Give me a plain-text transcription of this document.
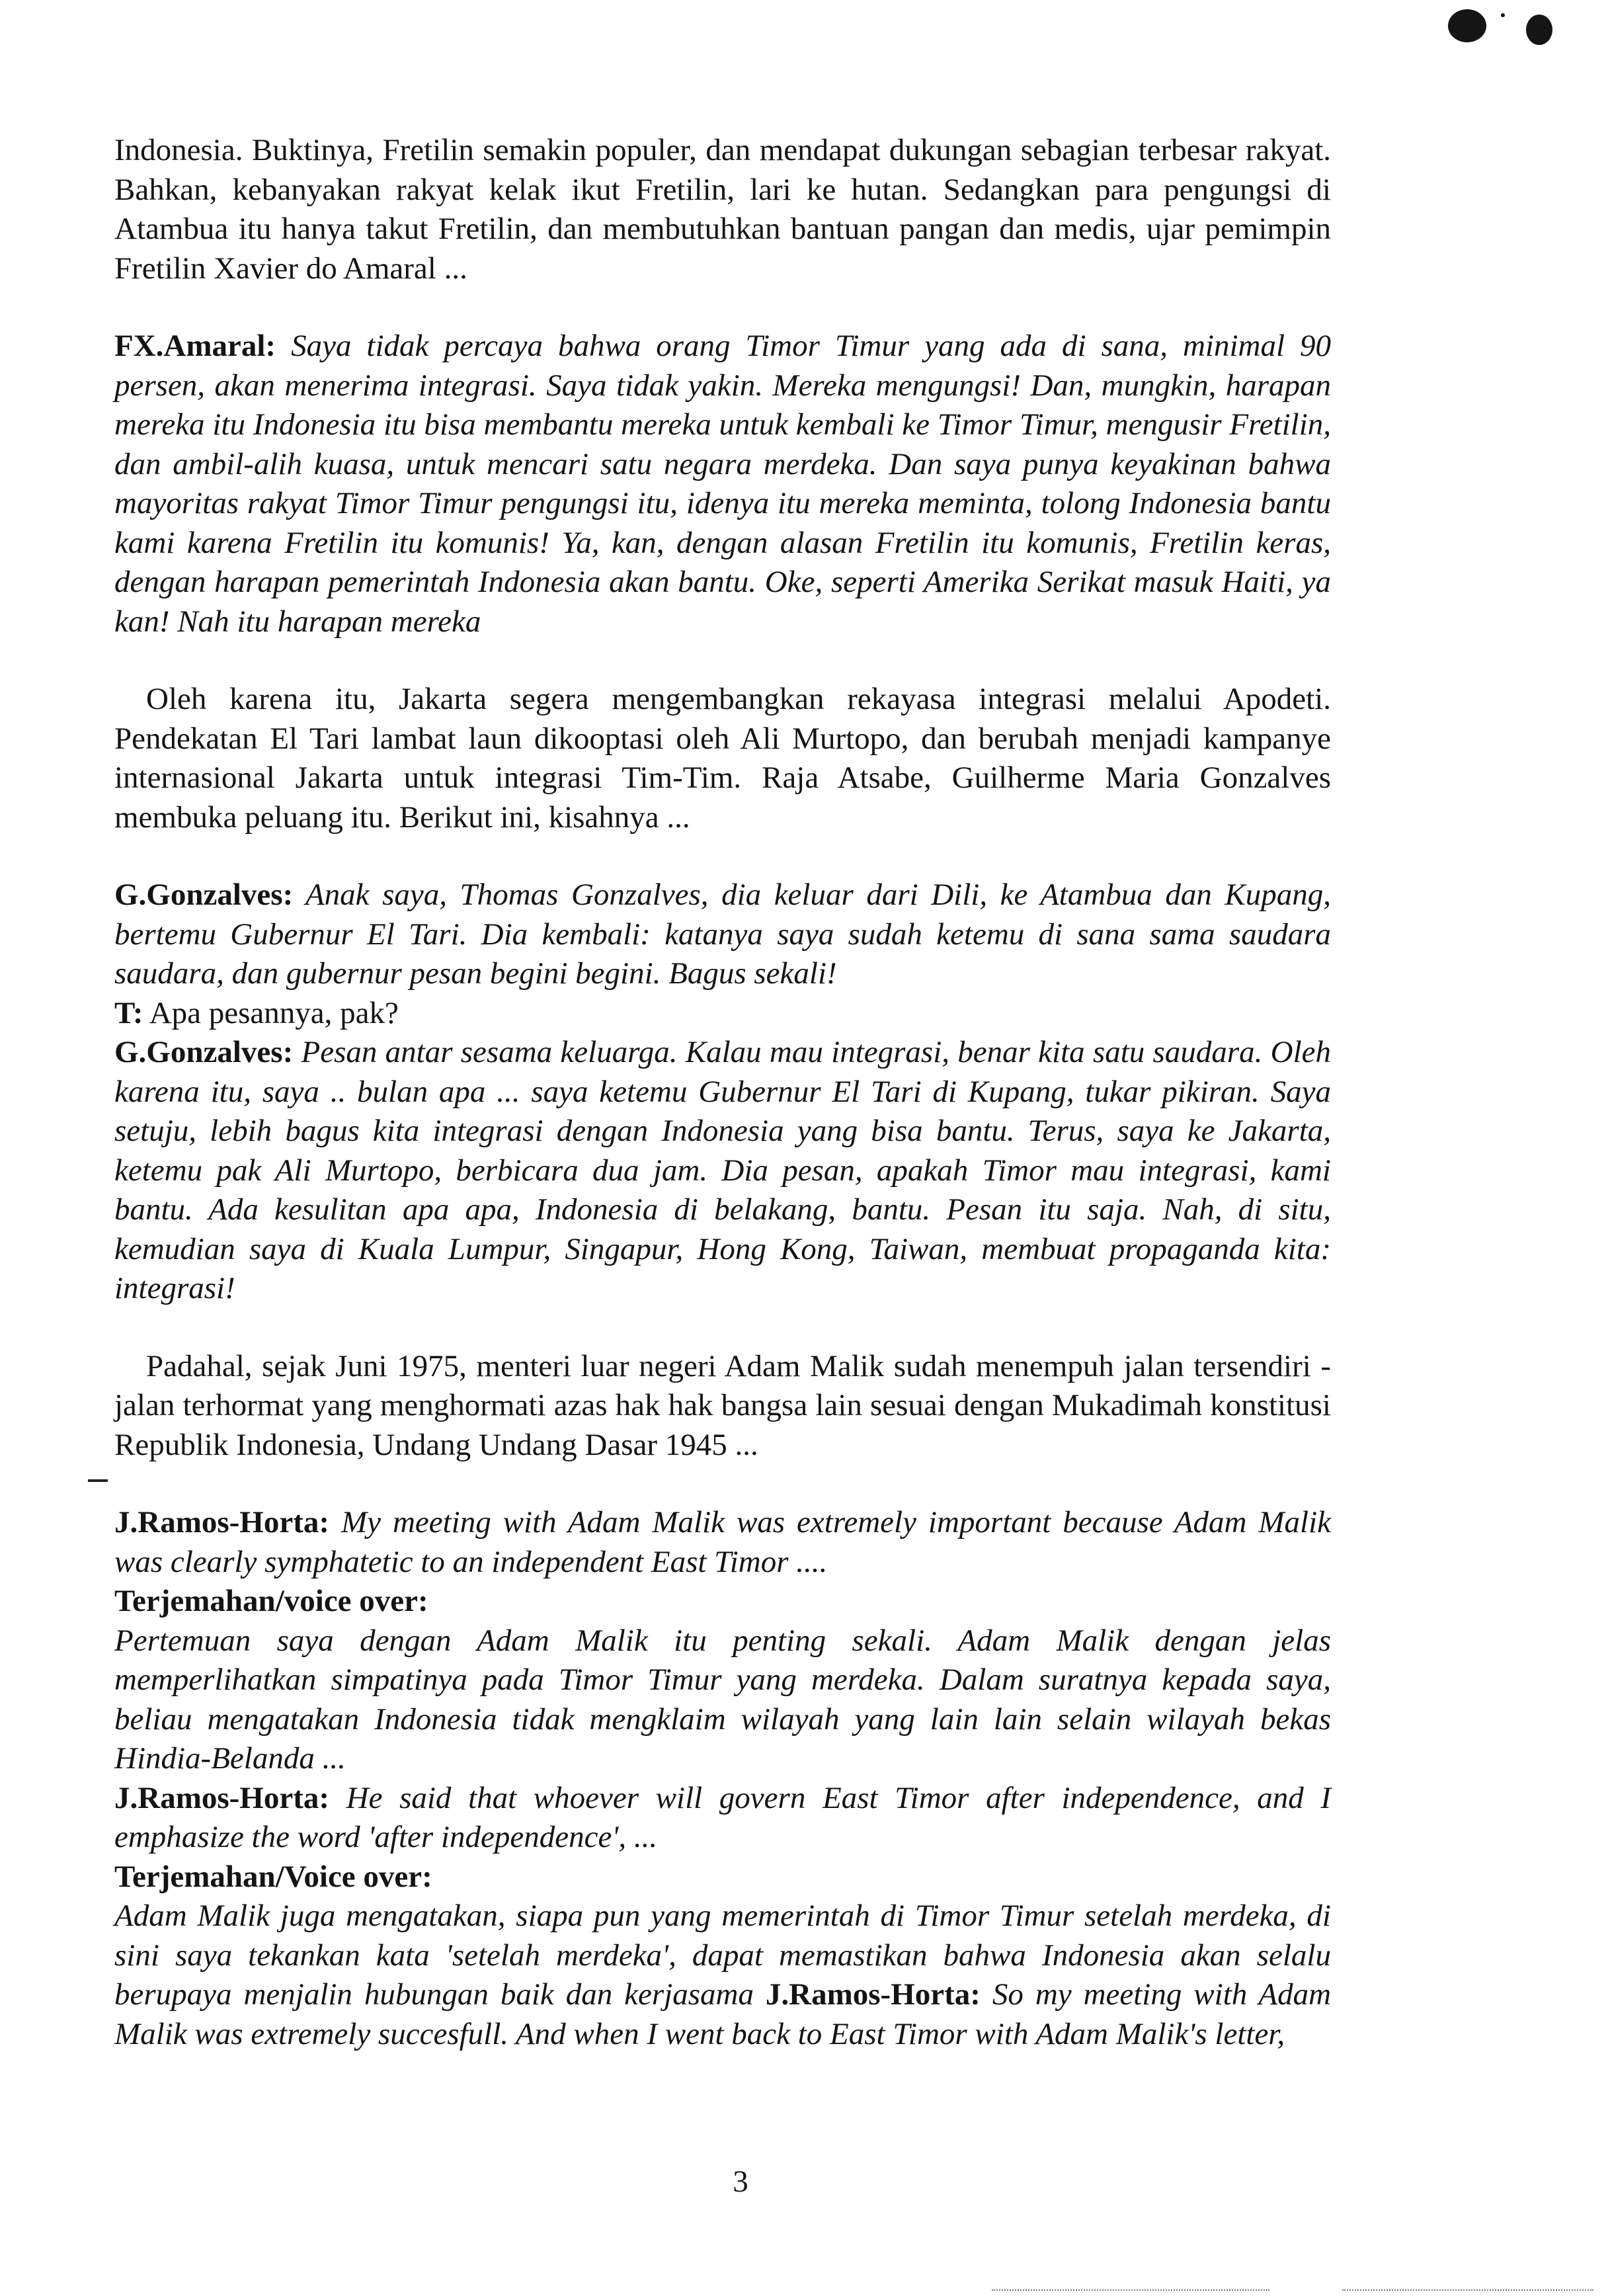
Indonesia. Buktinya, Fretilin semakin populer, dan mendapat dukungan sebagian terbesar rakyat. Bahkan, kebanyakan rakyat kelak ikut Fretilin, lari ke hutan. Sedangkan para pengungsi di Atambua itu hanya takut Fretilin, dan membutuhkan bantuan pangan dan medis, ujar pemimpin Fretilin Xavier do Amaral ...

FX.Amaral: Saya tidak percaya bahwa orang Timor Timur yang ada di sana, minimal 90 persen, akan menerima integrasi. Saya tidak yakin. Mereka mengungsi! Dan, mungkin, harapan mereka itu Indonesia itu bisa membantu mereka untuk kembali ke Timor Timur, mengusir Fretilin, dan ambil-alih kuasa, untuk mencari satu negara merdeka. Dan saya punya keyakinan bahwa mayoritas rakyat Timor Timur pengungsi itu, idenya itu mereka meminta, tolong Indonesia bantu kami karena Fretilin itu komunis! Ya, kan, dengan alasan Fretilin itu komunis, Fretilin keras, dengan harapan pemerintah Indonesia akan bantu. Oke, seperti Amerika Serikat masuk Haiti, ya kan! Nah itu harapan mereka

Oleh karena itu, Jakarta segera mengembangkan rekayasa integrasi melalui Apodeti. Pendekatan El Tari lambat laun dikooptasi oleh Ali Murtopo, dan berubah menjadi kampanye internasional Jakarta untuk integrasi Tim-Tim. Raja Atsabe, Guilherme Maria Gonzalves membuka peluang itu. Berikut ini, kisahnya ...

G.Gonzalves: Anak saya, Thomas Gonzalves, dia keluar dari Dili, ke Atambua dan Kupang, bertemu Gubernur El Tari. Dia kembali: katanya saya sudah ketemu di sana sama saudara saudara, dan gubernur pesan begini begini. Bagus sekali!

T: Apa pesannya, pak?

G.Gonzalves: Pesan antar sesama keluarga. Kalau mau integrasi, benar kita satu saudara. Oleh karena itu, saya .. bulan apa ... saya ketemu Gubernur El Tari di Kupang, tukar pikiran. Saya setuju, lebih bagus kita integrasi dengan Indonesia yang bisa bantu. Terus, saya ke Jakarta, ketemu pak Ali Murtopo, berbicara dua jam. Dia pesan, apakah Timor mau integrasi, kami bantu. Ada kesulitan apa apa, Indonesia di belakang, bantu. Pesan itu saja. Nah, di situ, kemudian saya di Kuala Lumpur, Singapur, Hong Kong, Taiwan, membuat propaganda kita: integrasi!

Padahal, sejak Juni 1975, menteri luar negeri Adam Malik sudah menempuh jalan tersendiri - jalan terhormat yang menghormati azas hak hak bangsa lain sesuai dengan Mukadimah konstitusi Republik Indonesia, Undang Undang Dasar 1945 ...

J.Ramos-Horta: My meeting with Adam Malik was extremely important because Adam Malik was clearly symphatetic to an independent East Timor ....

Terjemahan/voice over:

Pertemuan saya dengan Adam Malik itu penting sekali. Adam Malik dengan jelas memperlihatkan simpatinya pada Timor Timur yang merdeka. Dalam suratnya kepada saya, beliau mengatakan Indonesia tidak mengklaim wilayah yang lain lain selain wilayah bekas Hindia-Belanda ...

J.Ramos-Horta: He said that whoever will govern East Timor after independence, and I emphasize the word 'after independence', ...

Terjemahan/Voice over:

Adam Malik juga mengatakan, siapa pun yang memerintah di Timor Timur setelah merdeka, di sini saya tekankan kata 'setelah merdeka', dapat memastikan bahwa Indonesia akan selalu berupaya menjalin hubungan baik dan kerjasama J.Ramos-Horta: So my meeting with Adam Malik was extremely succesfull. And when I went back to East Timor with Adam Malik's letter,

3
